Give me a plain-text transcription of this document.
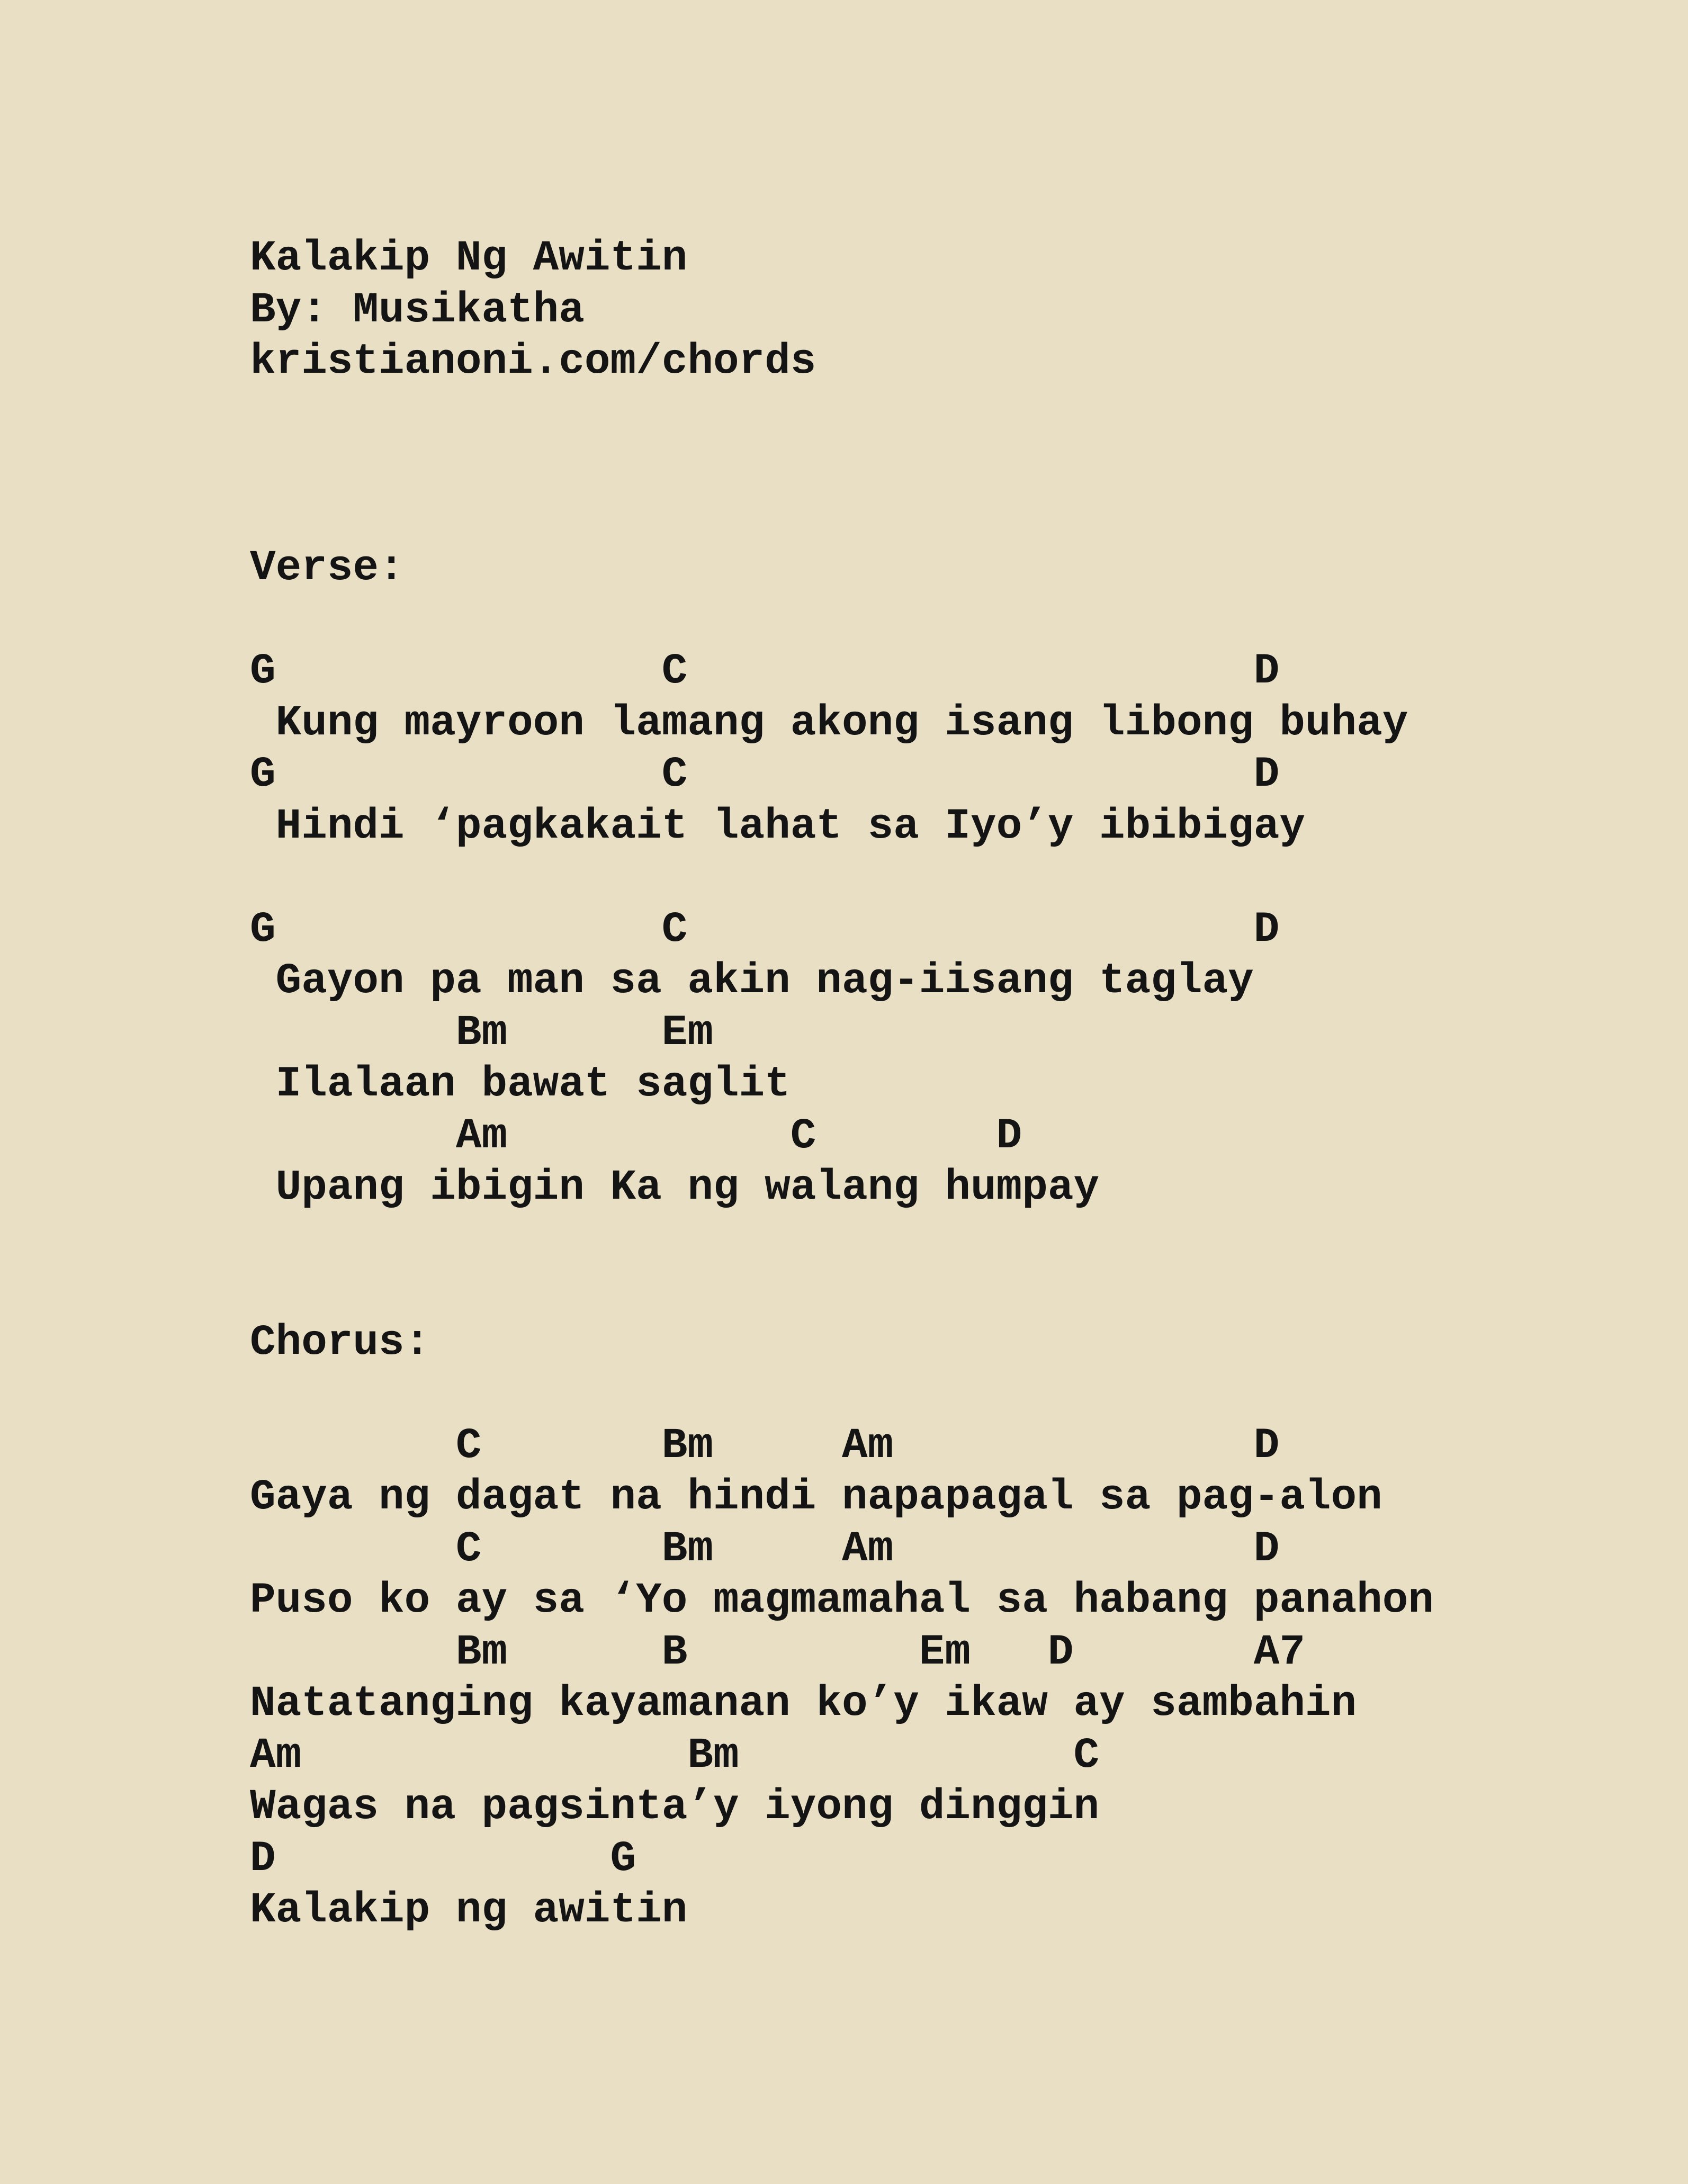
Kalakip Ng Awitin
By: Musikatha
kristianoni.com/chords
Verse:
G               C                      D
Kung mayroon lamang akong isang libong buhay
G               C                      D
Hindi ‘pagkakait lahat sa Iyo’y ibibigay
G               C                      D
Gayon pa man sa akin nag-iisang taglay
Bm      Em
Ilalaan bawat saglit
Am           C       D
Upang ibigin Ka ng walang humpay
Chorus:
C       Bm     Am              D
Gaya ng dagat na hindi napapagal sa pag-alon
C       Bm     Am              D
Puso ko ay sa ‘Yo magmamahal sa habang panahon
Bm      B         Em   D       A7
Natatanging kayamanan ko’y ikaw ay sambahin
Am               Bm             C
Wagas na pagsinta’y iyong dinggin
D             G
Kalakip ng awitin
